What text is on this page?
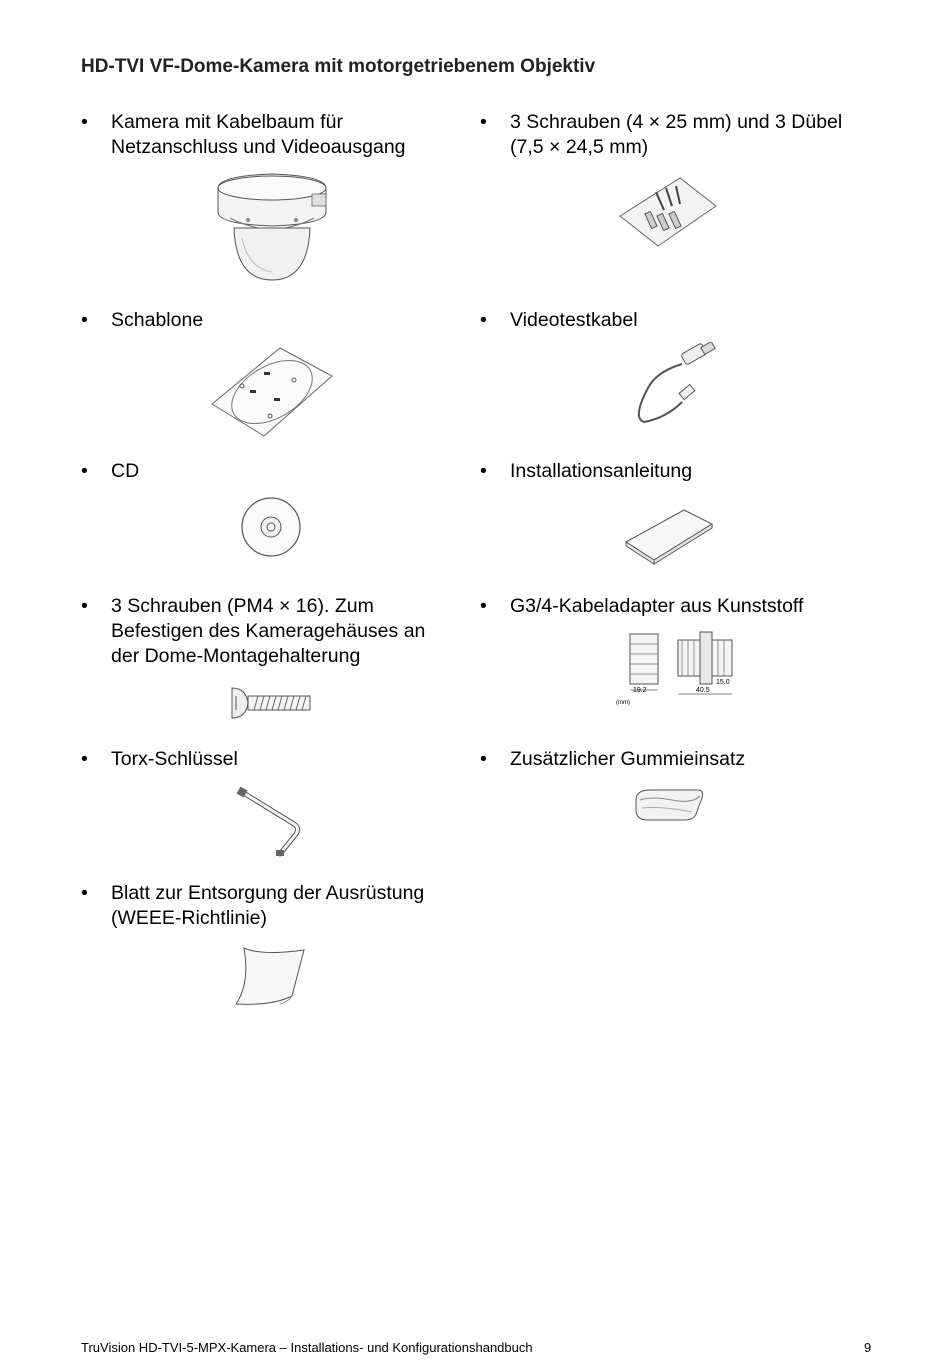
HD-TVI VF-Dome-Kamera mit motorgetriebenem Objektiv
•	Kamera mit Kabelbaum für
Netzanschluss und Videoausgang
•	3 Schrauben (4 × 25 mm) und 3 Dübel
(7,5 × 24,5 mm)
•	Schablone	•	Videotestkabel
•	CD	•	Installationsanleitung
•	3 Schrauben (PM4 × 16). Zum
Befestigen des Kameragehäuses an
der Dome-Montagehalterung
•	G3/4-Kabeladapter aus Kunststoff
19.2	40.5
15.0
(mm)
•	Torx-Schlüssel	•	Zusätzlicher Gummieinsatz
•	Blatt zur Entsorgung der Ausrüstung
(WEEE-Richtlinie)
TruVision HD-TVI-5-MPX-Kamera – Installations- und Konfigurationshandbuch	9
